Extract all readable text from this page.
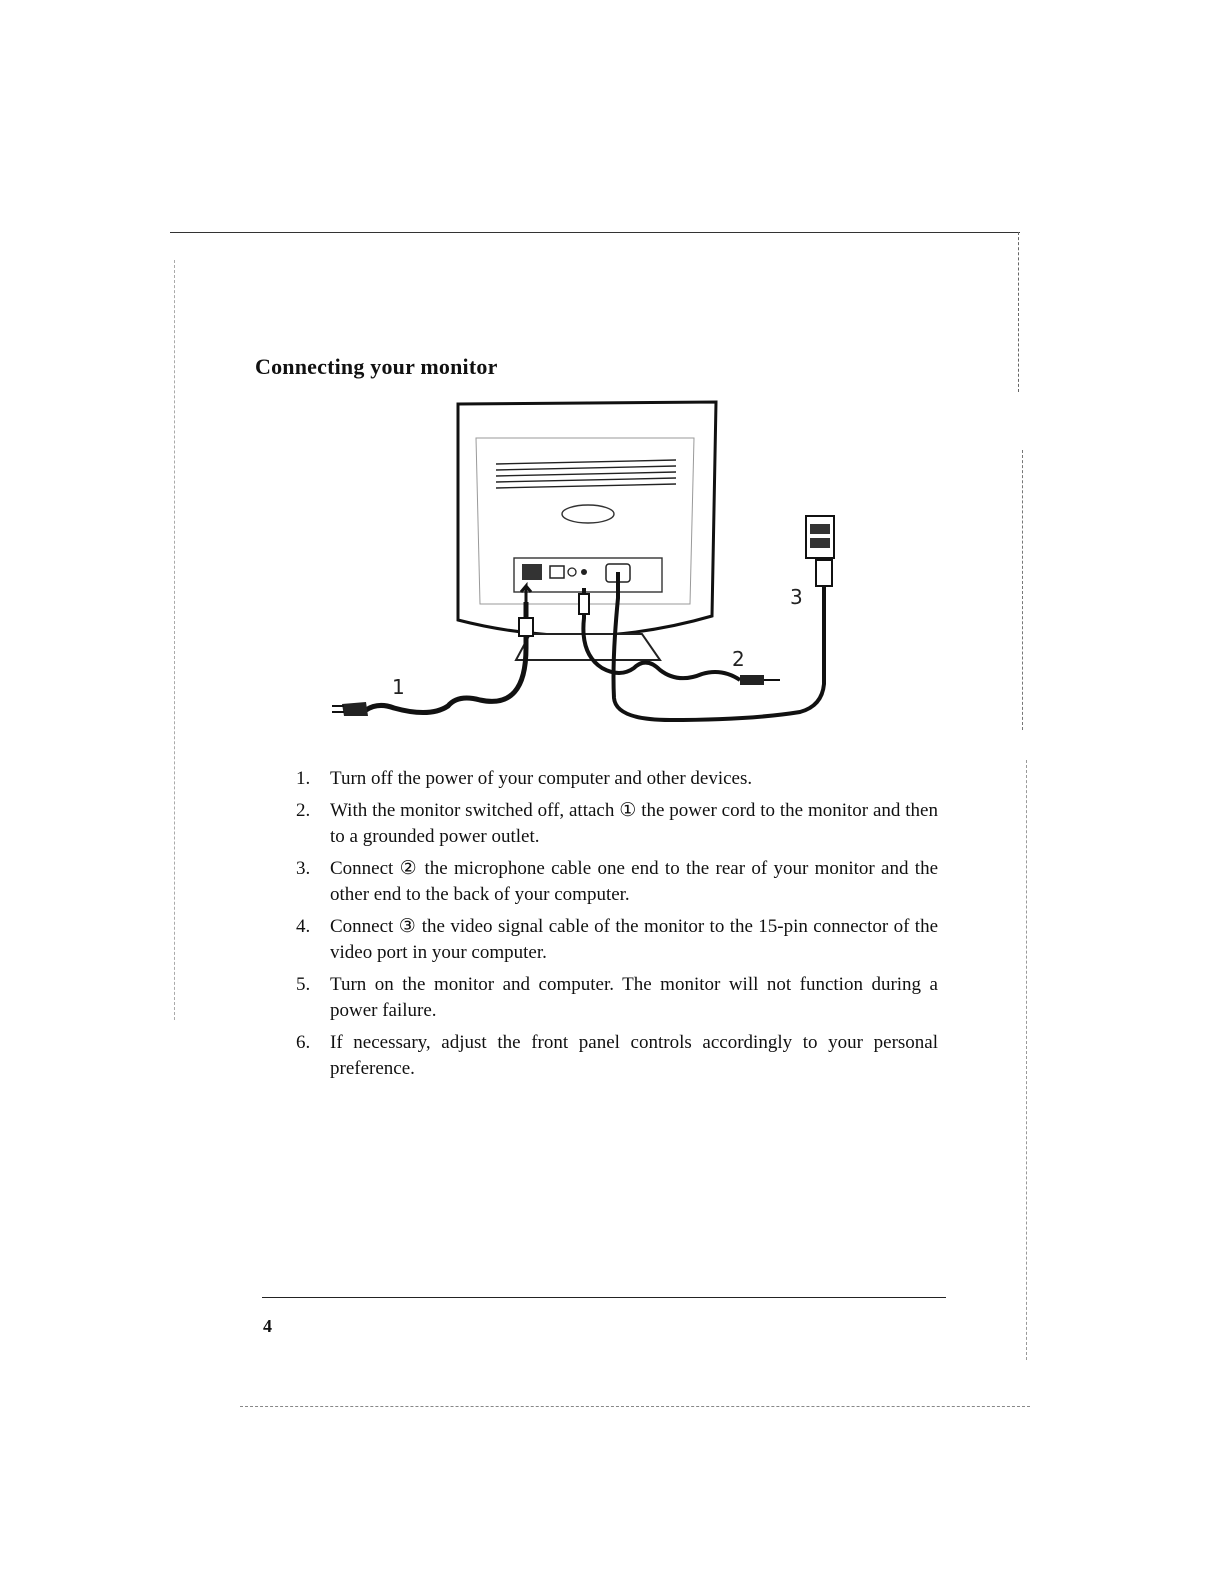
Connecting your monitor
1
2
3
1.	Turn off the power of your computer and other devices.
2.	With the monitor switched off, attach ① the power cord to the monitor and then to a grounded power outlet.
3.	Connect ② the microphone cable one end to the rear of your monitor and the other end to the back of your computer.
4.	Connect ③ the video signal cable of the monitor to the 15-pin connector of the video port in your computer.
5.	Turn on the monitor and computer. The monitor will not function during a power failure.
6.	If necessary, adjust the front panel controls accordingly to your personal preference.
4
